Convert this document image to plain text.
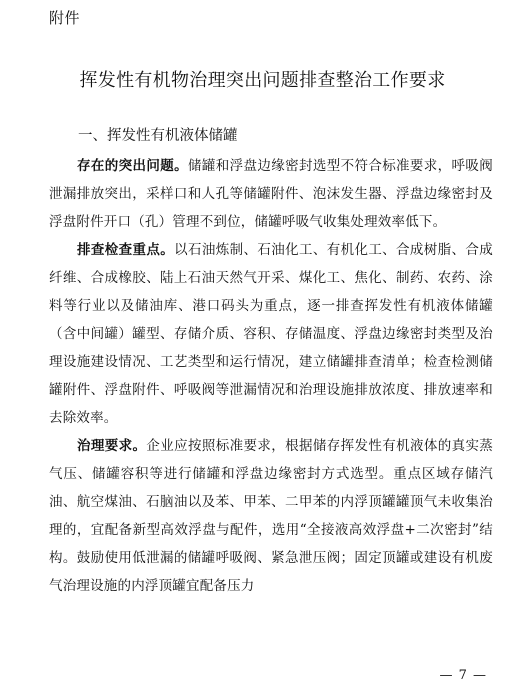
附件
挥发性有机物治理突出问题排查整治工作要求
一、挥发性有机液体储罐

存在的突出问题。储罐和浮盘边缘密封选型不符合标准要求，呼吸阀泄漏排放突出，采样口和人孔等储罐附件、泡沫发生器、浮盘边缘密封及浮盘附件开口（孔）管理不到位，储罐呼吸气收集处理效率低下。

排查检查重点。以石油炼制、石油化工、有机化工、合成树脂、合成纤维、合成橡胶、陆上石油天然气开采、煤化工、焦化、制药、农药、涂料等行业以及储油库、港口码头为重点，逐一排查挥发性有机液体储罐（含中间罐）罐型、存储介质、容积、存储温度、浮盘边缘密封类型及治理设施建设情况、工艺类型和运行情况，建立储罐排查清单；检查检测储罐附件、浮盘附件、呼吸阀等泄漏情况和治理设施排放浓度、排放速率和去除效率。

治理要求。企业应按照标准要求，根据储存挥发性有机液体的真实蒸气压、储罐容积等进行储罐和浮盘边缘密封方式选型。重点区域存储汽油、航空煤油、石脑油以及苯、甲苯、二甲苯的内浮顶罐罐顶气未收集治理的，宜配备新型高效浮盘与配件，选用“全接液高效浮盘+二次密封”结构。鼓励使用低泄漏的储罐呼吸阀、紧急泄压阀；固定顶罐或建设有机废气治理设施的内浮顶罐宜配备压力

— 7 —
